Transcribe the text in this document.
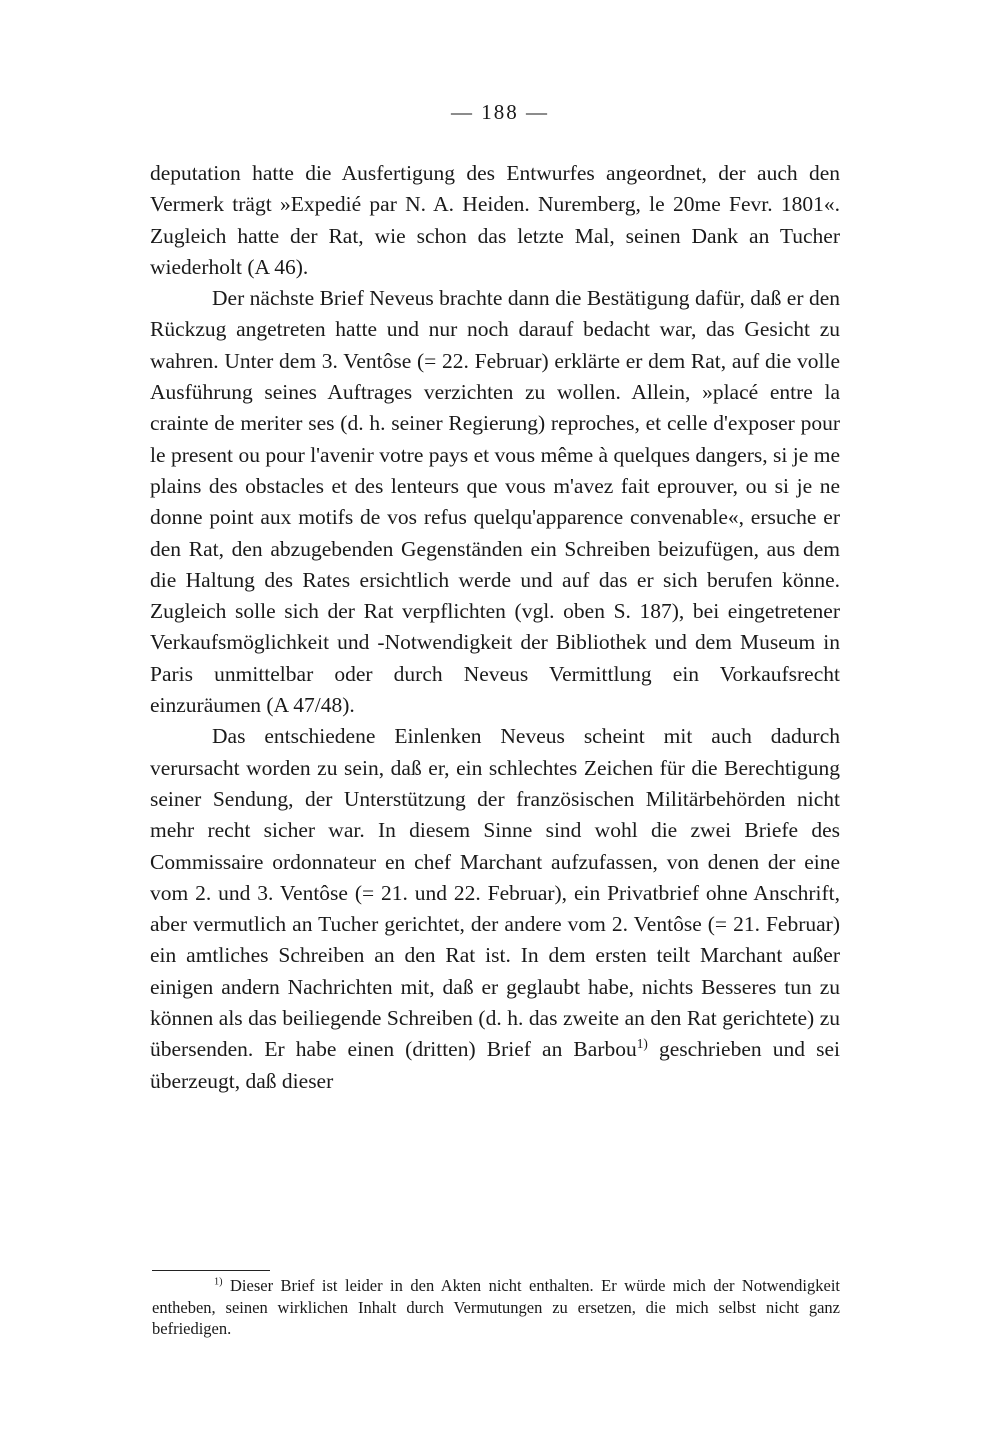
— 188 —

deputation hatte die Ausfertigung des Entwurfes angeordnet, der auch den Vermerk trägt »Expedié par N. A. Heiden. Nuremberg, le 20me Fevr. 1801«. Zugleich hatte der Rat, wie schon das letzte Mal, seinen Dank an Tucher wiederholt (A 46).

Der nächste Brief Neveus brachte dann die Bestätigung dafür, daß er den Rückzug angetreten hatte und nur noch darauf bedacht war, das Gesicht zu wahren. Unter dem 3. Ventôse (= 22. Februar) erklärte er dem Rat, auf die volle Ausführung seines Auftrages verzichten zu wollen. Allein, »placé entre la crainte de meriter ses (d. h. seiner Regierung) reproches, et celle d'exposer pour le present ou pour l'avenir votre pays et vous même à quelques dangers, si je me plains des obstacles et des lenteurs que vous m'avez fait eprouver, ou si je ne donne point aux motifs de vos refus quelqu'apparence convenable«, ersuche er den Rat, den abzugebenden Gegenständen ein Schreiben beizufügen, aus dem die Haltung des Rates ersichtlich werde und auf das er sich berufen könne. Zugleich solle sich der Rat verpflichten (vgl. oben S. 187), bei eingetretener Verkaufsmöglichkeit und -Notwendigkeit der Bibliothek und dem Museum in Paris unmittelbar oder durch Neveus Vermittlung ein Vorkaufsrecht einzuräumen (A 47/48).

Das entschiedene Einlenken Neveus scheint mit auch dadurch verursacht worden zu sein, daß er, ein schlechtes Zeichen für die Berechtigung seiner Sendung, der Unterstützung der französischen Militärbehörden nicht mehr recht sicher war. In diesem Sinne sind wohl die zwei Briefe des Commissaire ordonnateur en chef Marchant aufzufassen, von denen der eine vom 2. und 3. Ventôse (= 21. und 22. Februar), ein Privatbrief ohne Anschrift, aber vermutlich an Tucher gerichtet, der andere vom 2. Ventôse (= 21. Februar) ein amtliches Schreiben an den Rat ist. In dem ersten teilt Marchant außer einigen andern Nachrichten mit, daß er geglaubt habe, nichts Besseres tun zu können als das beiliegende Schreiben (d. h. das zweite an den Rat gerichtete) zu übersenden. Er habe einen (dritten) Brief an Barbou$^{1)}$ geschrieben und sei überzeugt, daß dieser

$^{1)}$ Dieser Brief ist leider in den Akten nicht enthalten. Er würde mich der Notwendigkeit entheben, seinen wirklichen Inhalt durch Vermutungen zu ersetzen, die mich selbst nicht ganz befriedigen.
